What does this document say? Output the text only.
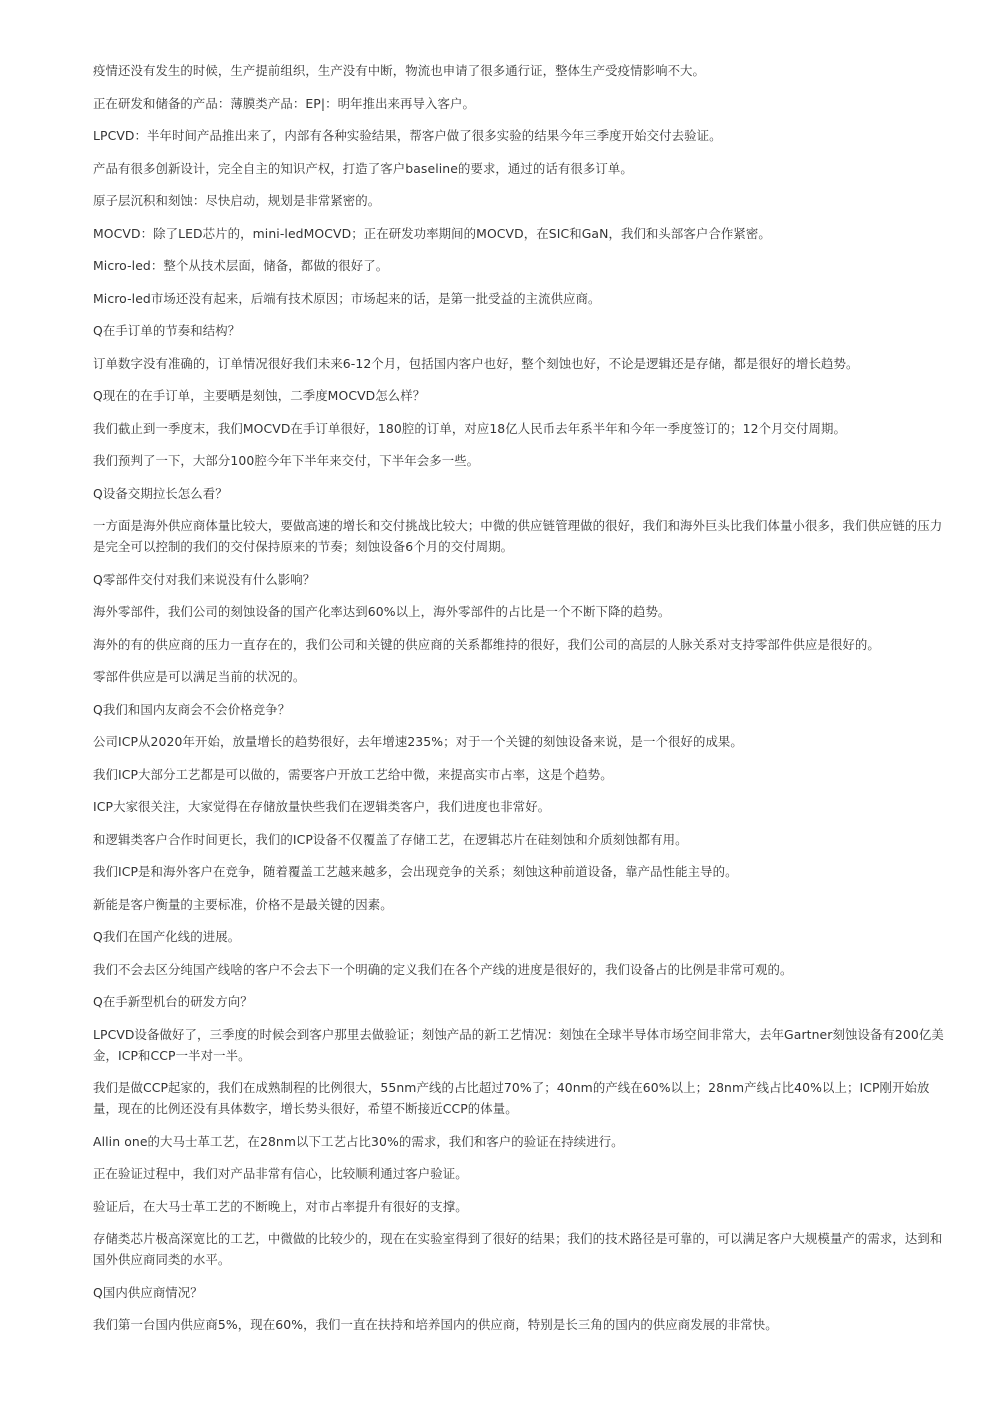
疫情还没有发生的时候，生产提前组织，生产没有中断，物流也申请了很多通行证，整体生产受疫情影响不大。

正在研发和储备的产品：薄膜类产品：EP|：明年推出来再导入客户。

LPCVD：半年时间产品推出来了，内部有各种实验结果，帮客户做了很多实验的结果今年三季度开始交付去验证。

产品有很多创新设计，完全自主的知识产权，打造了客户baseline的要求，通过的话有很多订单。

原子层沉积和刻蚀：尽快启动，规划是非常紧密的。

MOCVD：除了LED芯片的，mini-ledMOCVD；正在研发功率期间的MOCVD，在SIC和GaN，我们和头部客户合作紧密。

Micro-led：整个从技术层面，储备，都做的很好了。

Micro-led市场还没有起来，后端有技术原因；市场起来的话，是第一批受益的主流供应商。

Q在手订单的节奏和结构？

订单数字没有准确的，订单情况很好我们未来6-12个月，包括国内客户也好，整个刻蚀也好，不论是逻辑还是存储，都是很好的增长趋势。

Q现在的在手订单，主要晒是刻蚀，二季度MOCVD怎么样？

我们截止到一季度末，我们MOCVD在手订单很好，180腔的订单，对应18亿人民币去年系半年和今年一季度签订的；12个月交付周期。

我们预判了一下，大部分100腔今年下半年来交付，下半年会多一些。

Q设备交期拉长怎么看？

一方面是海外供应商体量比较大，要做高速的增长和交付挑战比较大；中微的供应链管理做的很好，我们和海外巨头比我们体量小很多，我们供应链的压力是完全可以控制的我们的交付保持原来的节奏；刻蚀设备6个月的交付周期。

Q零部件交付对我们来说没有什么影响？

海外零部件，我们公司的刻蚀设备的国产化率达到60%以上，海外零部件的占比是一个不断下降的趋势。

海外的有的供应商的压力一直存在的，我们公司和关键的供应商的关系都维持的很好，我们公司的高层的人脉关系对支持零部件供应是很好的。

零部件供应是可以满足当前的状况的。

Q我们和国内友商会不会价格竞争？

公司ICP从2020年开始，放量增长的趋势很好，去年增速235%；对于一个关键的刻蚀设备来说，是一个很好的成果。

我们ICP大部分工艺都是可以做的，需要客户开放工艺给中微，来提高实市占率，这是个趋势。

ICP大家很关注，大家觉得在存储放量快些我们在逻辑类客户，我们进度也非常好。

和逻辑类客户合作时间更长，我们的ICP设备不仅覆盖了存储工艺，在逻辑芯片在硅刻蚀和介质刻蚀都有用。

我们ICP是和海外客户在竞争，随着覆盖工艺越来越多，会出现竞争的关系；刻蚀这种前道设备，靠产品性能主导的。

新能是客户衡量的主要标准，价格不是最关键的因素。

Q我们在国产化线的进展。

我们不会去区分纯国产线啥的客户不会去下一个明确的定义我们在各个产线的进度是很好的，我们设备占的比例是非常可观的。

Q在手新型机台的研发方向？

LPCVD设备做好了，三季度的时候会到客户那里去做验证；刻蚀产品的新工艺情况：刻蚀在全球半导体市场空间非常大，去年Gartner刻蚀设备有200亿美金，ICP和CCP一半对一半。

我们是做CCP起家的，我们在成熟制程的比例很大，55nm产线的占比超过70%了；40nm的产线在60%以上；28nm产线占比40%以上；ICP刚开始放量，现在的比例还没有具体数字，增长势头很好，希望不断接近CCP的体量。

Allin one的大马士革工艺，在28nm以下工艺占比30%的需求，我们和客户的验证在持续进行。

正在验证过程中，我们对产品非常有信心，比较顺利通过客户验证。

验证后，在大马士革工艺的不断晚上，对市占率提升有很好的支撑。

存储类芯片极高深宽比的工艺，中微做的比较少的，现在在实验室得到了很好的结果；我们的技术路径是可靠的，可以满足客户大规模量产的需求，达到和国外供应商同类的水平。

Q国内供应商情况？

我们第一台国内供应商5%，现在60%，我们一直在扶持和培养国内的供应商，特别是长三角的国内的供应商发展的非常快。
